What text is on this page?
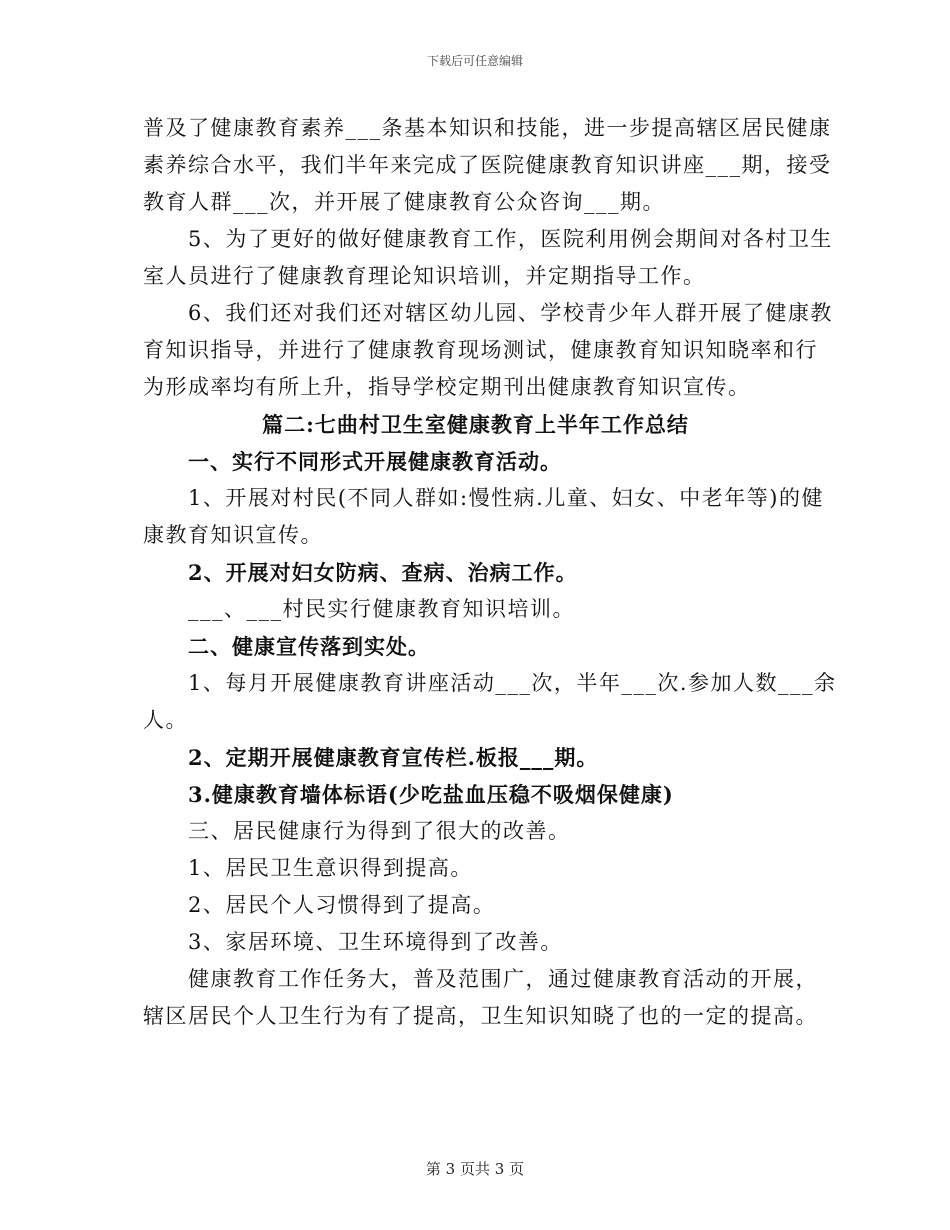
下载后可任意编辑
普及了健康教育素养___条基本知识和技能，进一步提高辖区居民健康
素养综合水平，我们半年来完成了医院健康教育知识讲座___期，接受
教育人群___次，并开展了健康教育公众咨询___期。
5、为了更好的做好健康教育工作，医院利用例会期间对各村卫生
室人员进行了健康教育理论知识培训，并定期指导工作。
6、我们还对我们还对辖区幼儿园、学校青少年人群开展了健康教
育知识指导，并进行了健康教育现场测试，健康教育知识知晓率和行
为形成率均有所上升，指导学校定期刊出健康教育知识宣传。
篇二:七曲村卫生室健康教育上半年工作总结
一、实行不同形式开展健康教育活动。
1、开展对村民(不同人群如:慢性病.儿童、妇女、中老年等)的健
康教育知识宣传。
2、开展对妇女防病、查病、治病工作。
___、___村民实行健康教育知识培训。
二、健康宣传落到实处。
1、每月开展健康教育讲座活动___次，半年___次.参加人数___余
人。
2、定期开展健康教育宣传栏.板报___期。
3.健康教育墙体标语(少吃盐血压稳不吸烟保健康)
三、居民健康行为得到了很大的改善。
1、居民卫生意识得到提高。
2、居民个人习惯得到了提高。
3、家居环境、卫生环境得到了改善。
健康教育工作任务大，普及范围广，通过健康教育活动的开展，
辖区居民个人卫生行为有了提高，卫生知识知晓了也的一定的提高。
第 3 页共 3 页
